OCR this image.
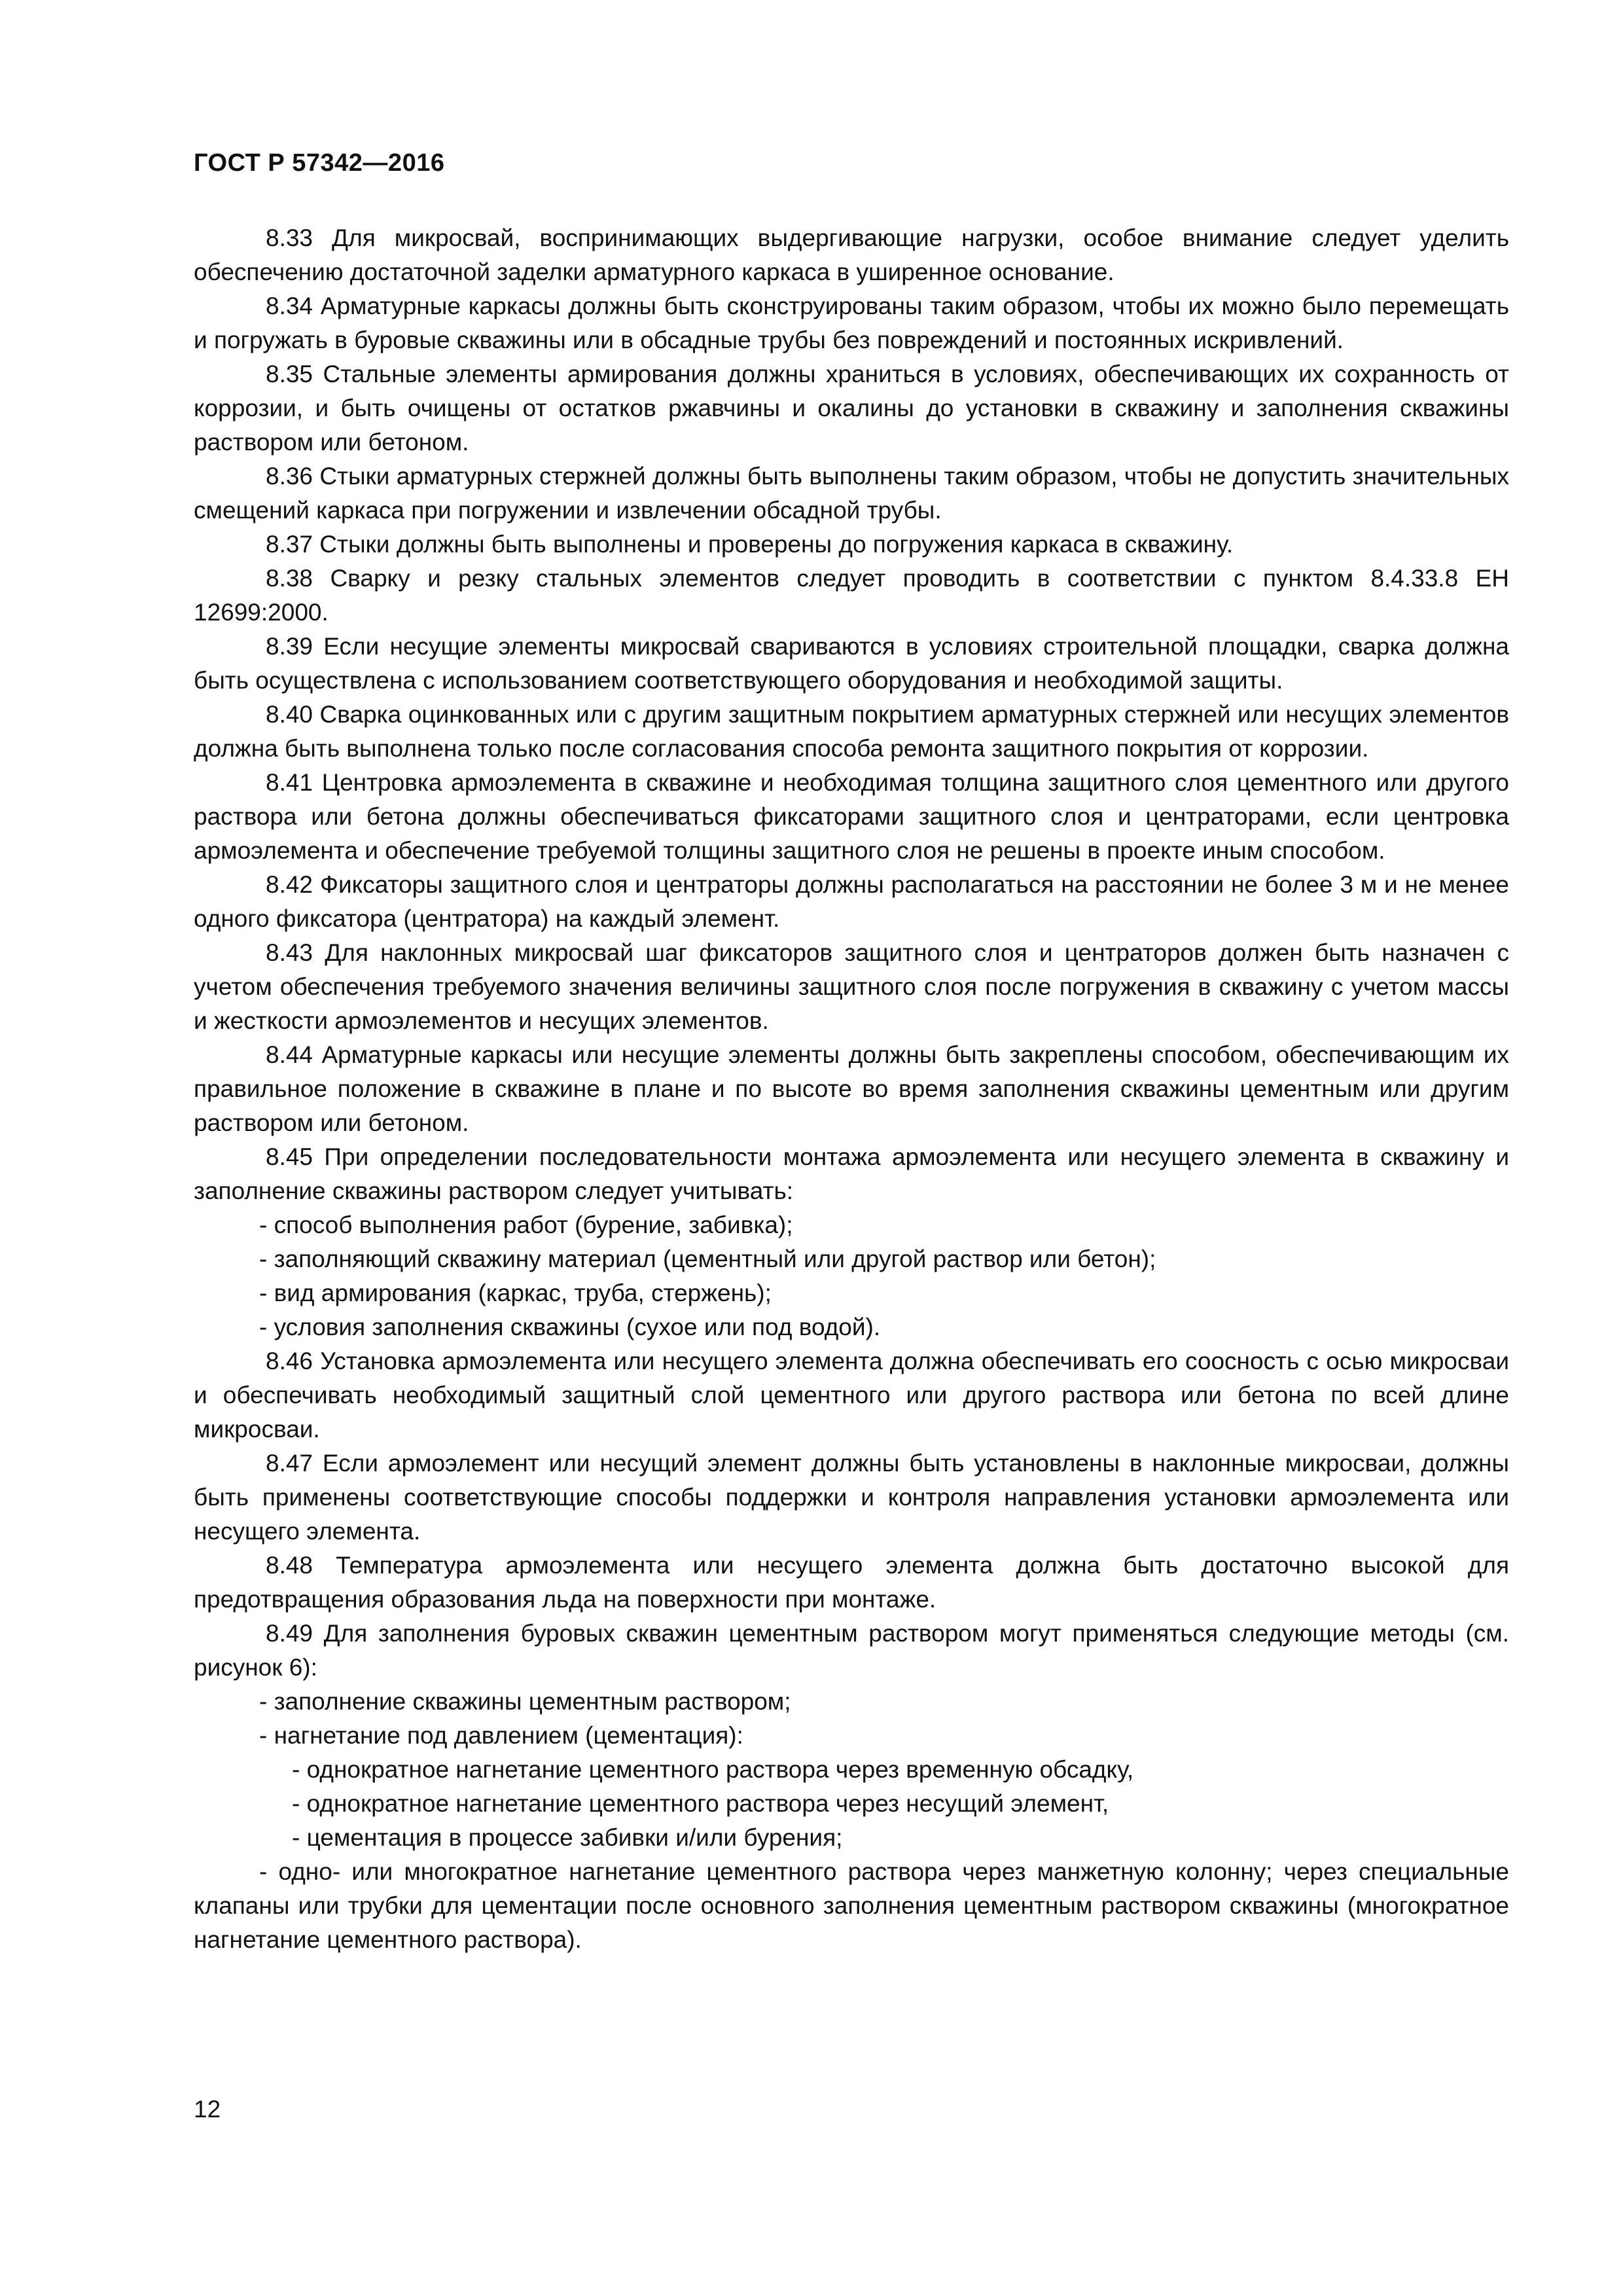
ГОСТ Р 57342—2016

8.33 Для микросвай, воспринимающих выдергивающие нагрузки, особое внимание следует уделить обеспечению достаточной заделки арматурного каркаса в уширенное основание.

8.34 Арматурные каркасы должны быть сконструированы таким образом, чтобы их можно было перемещать и погружать в буровые скважины или в обсадные трубы без повреждений и постоянных искривлений.

8.35 Стальные элементы армирования должны храниться в условиях, обеспечивающих их сохранность от коррозии, и быть очищены от остатков ржавчины и окалины до установки в скважину и заполнения скважины раствором или бетоном.

8.36 Стыки арматурных стержней должны быть выполнены таким образом, чтобы не допустить значительных смещений каркаса при погружении и извлечении обсадной трубы.

8.37 Стыки должны быть выполнены и проверены до погружения каркаса в скважину.

8.38 Сварку и резку стальных элементов следует проводить в соответствии с пунктом 8.4.33.8 ЕН 12699:2000.

8.39 Если несущие элементы микросвай свариваются в условиях строительной площадки, сварка должна быть осуществлена с использованием соответствующего оборудования и необходимой защиты.

8.40 Сварка оцинкованных или с другим защитным покрытием арматурных стержней или несущих элементов должна быть выполнена только после согласования способа ремонта защитного покрытия от коррозии.

8.41 Центровка армоэлемента в скважине и необходимая толщина защитного слоя цементного или другого раствора или бетона должны обеспечиваться фиксаторами защитного слоя и центраторами, если центровка армоэлемента и обеспечение требуемой толщины защитного слоя не решены в проекте иным способом.

8.42 Фиксаторы защитного слоя и центраторы должны располагаться на расстоянии не более 3 м и не менее одного фиксатора (центратора) на каждый элемент.

8.43 Для наклонных микросвай шаг фиксаторов защитного слоя и центраторов должен быть назначен с учетом обеспечения требуемого значения величины защитного слоя после погружения в скважину с учетом массы и жесткости армоэлементов и несущих элементов.

8.44 Арматурные каркасы или несущие элементы должны быть закреплены способом, обеспечивающим их правильное положение в скважине в плане и по высоте во время заполнения скважины цементным или другим раствором или бетоном.

8.45 При определении последовательности монтажа армоэлемента или несущего элемента в скважину и заполнение скважины раствором следует учитывать:

- способ выполнения работ (бурение, забивка);

- заполняющий скважину материал (цементный или другой раствор или бетон);

- вид армирования (каркас, труба, стержень);

- условия заполнения скважины (сухое или под водой).

8.46 Установка армоэлемента или несущего элемента должна обеспечивать его соосность с осью микросваи и обеспечивать необходимый защитный слой цементного или другого раствора или бетона по всей длине микросваи.

8.47 Если армоэлемент или несущий элемент должны быть установлены в наклонные микросваи, должны быть применены соответствующие способы поддержки и контроля направления установки армоэлемента или несущего элемента.

8.48 Температура армоэлемента или несущего элемента должна быть достаточно высокой для предотвращения образования льда на поверхности при монтаже.

8.49 Для заполнения буровых скважин цементным раствором могут применяться следующие методы (см. рисунок 6):

- заполнение скважины цементным раствором;

- нагнетание под давлением (цементация):

- однократное нагнетание цементного раствора через временную обсадку,

- однократное нагнетание цементного раствора через несущий элемент,

- цементация в процессе забивки и/или бурения;

- одно- или многократное нагнетание цементного раствора через манжетную колонну; через специальные клапаны или трубки для цементации после основного заполнения цементным раствором скважины (многократное нагнетание цементного раствора).

12
